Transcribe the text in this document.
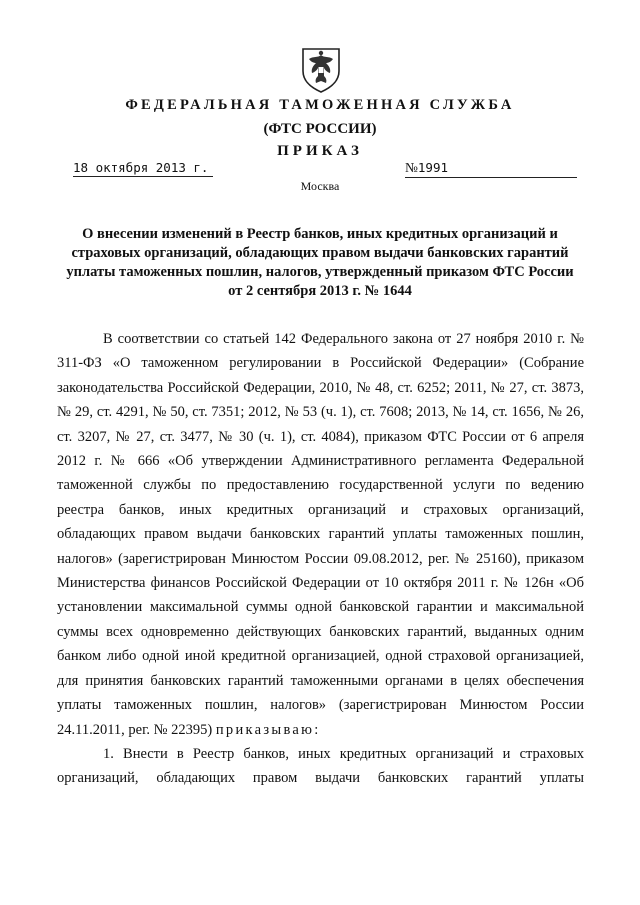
ФЕДЕРАЛЬНАЯ ТАМОЖЕННАЯ СЛУЖБА
(ФТС РОССИИ)
ПРИКАЗ
18 октября 2013 г.	№1991
Москва
О внесении изменений в Реестр банков, иных кредитных организаций и страховых организаций, обладающих правом выдачи банковских гарантий уплаты таможенных пошлин, налогов, утвержденный приказом ФТС России от 2 сентября 2013 г. № 1644

В соответствии со статьей 142 Федерального закона от 27 ноября 2010 г. № 311-ФЗ «О таможенном регулировании в Российской Федерации» (Собрание законодательства Российской Федерации, 2010, № 48, ст. 6252; 2011, № 27, ст. 3873, № 29, ст. 4291, № 50, ст. 7351; 2012, № 53 (ч. 1), ст. 7608; 2013, № 14, ст. 1656, № 26, ст. 3207, № 27, ст. 3477, № 30 (ч. 1), ст. 4084), приказом ФТС России от 6 апреля 2012 г. № 666 «Об утверждении Административного регламента Федеральной таможенной службы по предоставлению государственной услуги по ведению реестра банков, иных кредитных организаций и страховых организаций, обладающих правом выдачи банковских гарантий уплаты таможенных пошлин, налогов» (зарегистрирован Минюстом России 09.08.2012, рег. № 25160), приказом Министерства финансов Российской Федерации от 10 октября 2011 г. № 126н «Об установлении максимальной суммы одной банковской гарантии и максимальной суммы всех одновременно действующих банковских гарантий, выданных одним банком либо одной иной кредитной организацией, одной страховой организацией, для принятия банковских гарантий таможенными органами в целях обеспечения уплаты таможенных пошлин, налогов» (зарегистрирован Минюстом России 24.11.2011, рег. № 22395) приказываю:

1. Внести в Реестр банков, иных кредитных организаций и страховых организаций, обладающих правом выдачи банковских гарантий уплаты
